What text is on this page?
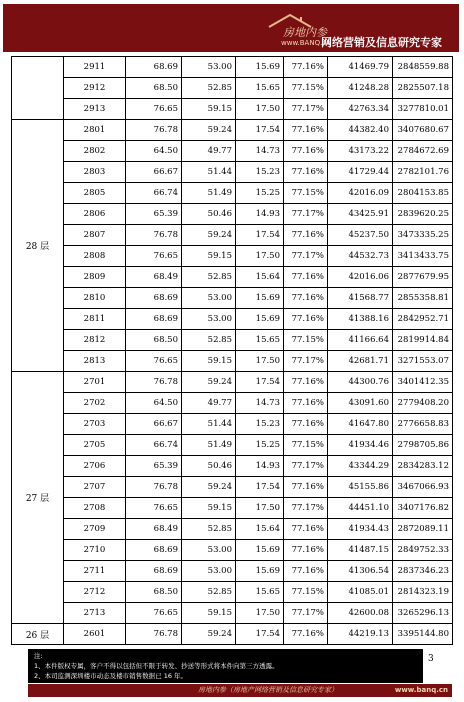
房地内参
www.BANQ.cn
网络营销及信息研究专家
	2911	68.69	53.00	15.69	77.16%	41469.79	2848559.88
	2912	68.50	52.85	15.65	77.15%	41248.28	2825507.18
	2913	76.65	59.15	17.50	77.17%	42763.34	3277810.01
28 层	2801	76.78	59.24	17.54	77.16%	44382.40	3407680.67
	2802	64.50	49.77	14.73	77.16%	43173.22	2784672.69
	2803	66.67	51.44	15.23	77.16%	41729.44	2782101.76
	2805	66.74	51.49	15.25	77.15%	42016.09	2804153.85
	2806	65.39	50.46	14.93	77.17%	43425.91	2839620.25
	2807	76.78	59.24	17.54	77.16%	45237.50	3473335.25
	2808	76.65	59.15	17.50	77.17%	44532.73	3413433.75
	2809	68.49	52.85	15.64	77.16%	42016.06	2877679.95
	2810	68.69	53.00	15.69	77.16%	41568.77	2855358.81
	2811	68.69	53.00	15.69	77.16%	41388.16	2842952.71
	2812	68.50	52.85	15.65	77.15%	41166.64	2819914.84
	2813	76.65	59.15	17.50	77.17%	42681.71	3271553.07
27 层	2701	76.78	59.24	17.54	77.16%	44300.76	3401412.35
	2702	64.50	49.77	14.73	77.16%	43091.60	2779408.20
	2703	66.67	51.44	15.23	77.16%	41647.80	2776658.83
	2705	66.74	51.49	15.25	77.15%	41934.46	2798705.86
	2706	65.39	50.46	14.93	77.17%	43344.29	2834283.12
	2707	76.78	59.24	17.54	77.16%	45155.86	3467066.93
	2708	76.65	59.15	17.50	77.17%	44451.10	3407176.82
	2709	68.49	52.85	15.64	77.16%	41934.43	2872089.11
	2710	68.69	53.00	15.69	77.16%	41487.15	2849752.33
	2711	68.69	53.00	15.69	77.16%	41306.54	2837346.23
	2712	68.50	52.85	15.65	77.15%	41085.01	2814323.19
	2713	76.65	59.15	17.50	77.17%	42600.08	3265296.13
26 层	2601	76.78	59.24	17.54	77.16%	44219.13	3395144.80
3
注:
1、本件版权专属，客户不得以包括但不限于转发、抄送等形式将本件向第三方透露。
2、本司监测深圳楼市动态及楼市销售数据已 16 年。
房地内参（房地产网络营销及信息研究专家）	www.banq.cn
